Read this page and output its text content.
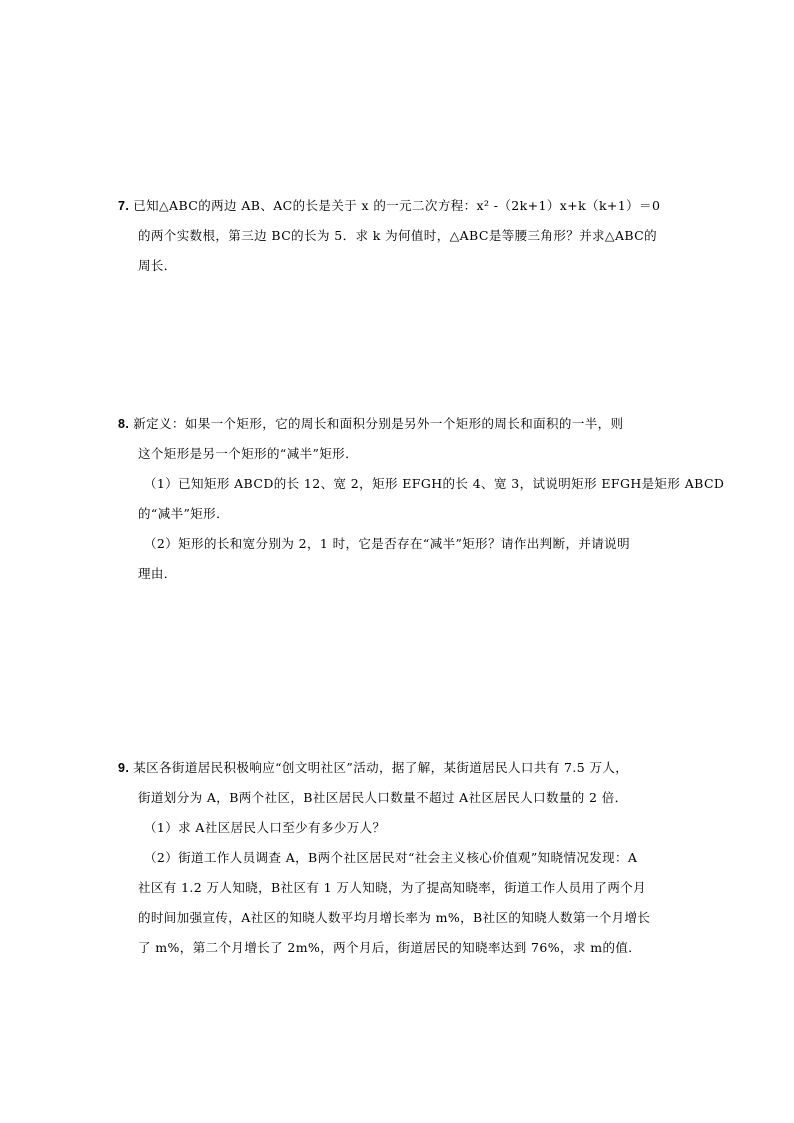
7. 已知△ABC的两边 AB、AC的长是关于 x 的一元二次方程：x² -（2k+1）x+k（k+1）＝0
的两个实数根，第三边 BC的长为 5．求 k 为何值时，△ABC是等腰三角形？并求△ABC的
周长．
8. 新定义：如果一个矩形，它的周长和面积分别是另外一个矩形的周长和面积的一半，则
这个矩形是另一个矩形的“减半”矩形．
（1）已知矩形 ABCD的长 12、宽 2，矩形 EFGH的长 4、宽 3，试说明矩形 EFGH是矩形 ABCD
的“减半”矩形．
（2）矩形的长和宽分别为 2，1 时，它是否存在“减半”矩形？请作出判断，并请说明
理由．
9. 某区各街道居民积极响应“创文明社区”活动，据了解，某街道居民人口共有 7.5 万人，
街道划分为 A，B两个社区，B社区居民人口数量不超过 A社区居民人口数量的 2 倍．
（1）求 A社区居民人口至少有多少万人？
（2）街道工作人员调查 A，B两个社区居民对“社会主义核心价值观”知晓情况发现：A
社区有 1.2 万人知晓，B社区有 1 万人知晓，为了提高知晓率，街道工作人员用了两个月
的时间加强宣传，A社区的知晓人数平均月增长率为 m%，B社区的知晓人数第一个月增长
了 m%，第二个月增长了 2m%，两个月后，街道居民的知晓率达到 76%，求 m的值．
